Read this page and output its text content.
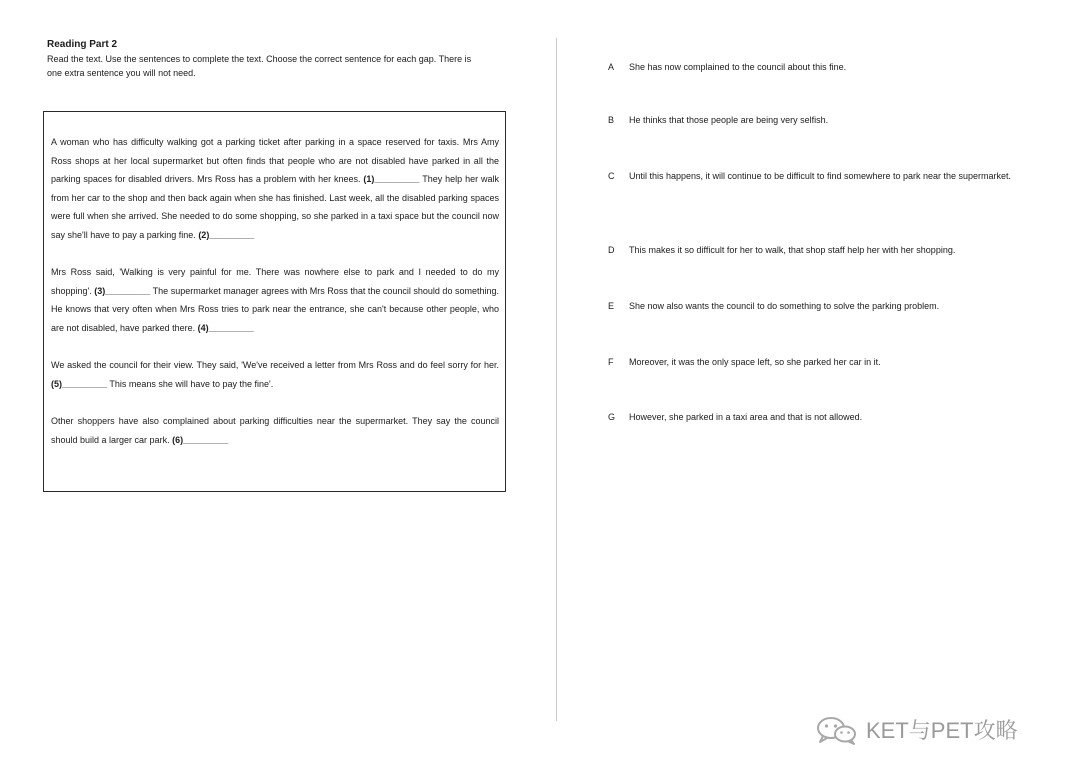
Reading Part 2
Read the text. Use the sentences to complete the text. Choose the correct sentence for each gap. There is one extra sentence you will not need.

A woman who has difficulty walking got a parking ticket after parking in a space reserved for taxis. Mrs Amy Ross shops at her local supermarket but often finds that people who are not disabled have parked in all the parking spaces for disabled drivers. Mrs Ross has a problem with her knees. (1)_________ They help her walk from her car to the shop and then back again when she has finished. Last week, all the disabled parking spaces were full when she arrived. She needed to do some shopping, so she parked in a taxi space but the council now say she'll have to pay a parking fine. (2)_________

Mrs Ross said, 'Walking is very painful for me. There was nowhere else to park and I needed to do my shopping'. (3)_________ The supermarket manager agrees with Mrs Ross that the council should do something. He knows that very often when Mrs Ross tries to park near the entrance, she can't because other people, who are not disabled, have parked there. (4)_________

We asked the council for their view. They said, 'We've received a letter from Mrs Ross and do feel sorry for her. (5)_________ This means she will have to pay the fine'.

Other shoppers have also complained about parking difficulties near the supermarket. They say the council should build a larger car park. (6)_________

A	She has now complained to the council about this fine.
B	He thinks that those people are being very selfish.
C	Until this happens, it will continue to be difficult to find somewhere to park near the supermarket.
D	This makes it so difficult for her to walk, that shop staff help her with her shopping.
E	She now also wants the council to do something to solve the parking problem.
F	Moreover, it was the only space left, so she parked her car in it.
G	However, she parked in a taxi area and that is not allowed.
KET与PET攻略
